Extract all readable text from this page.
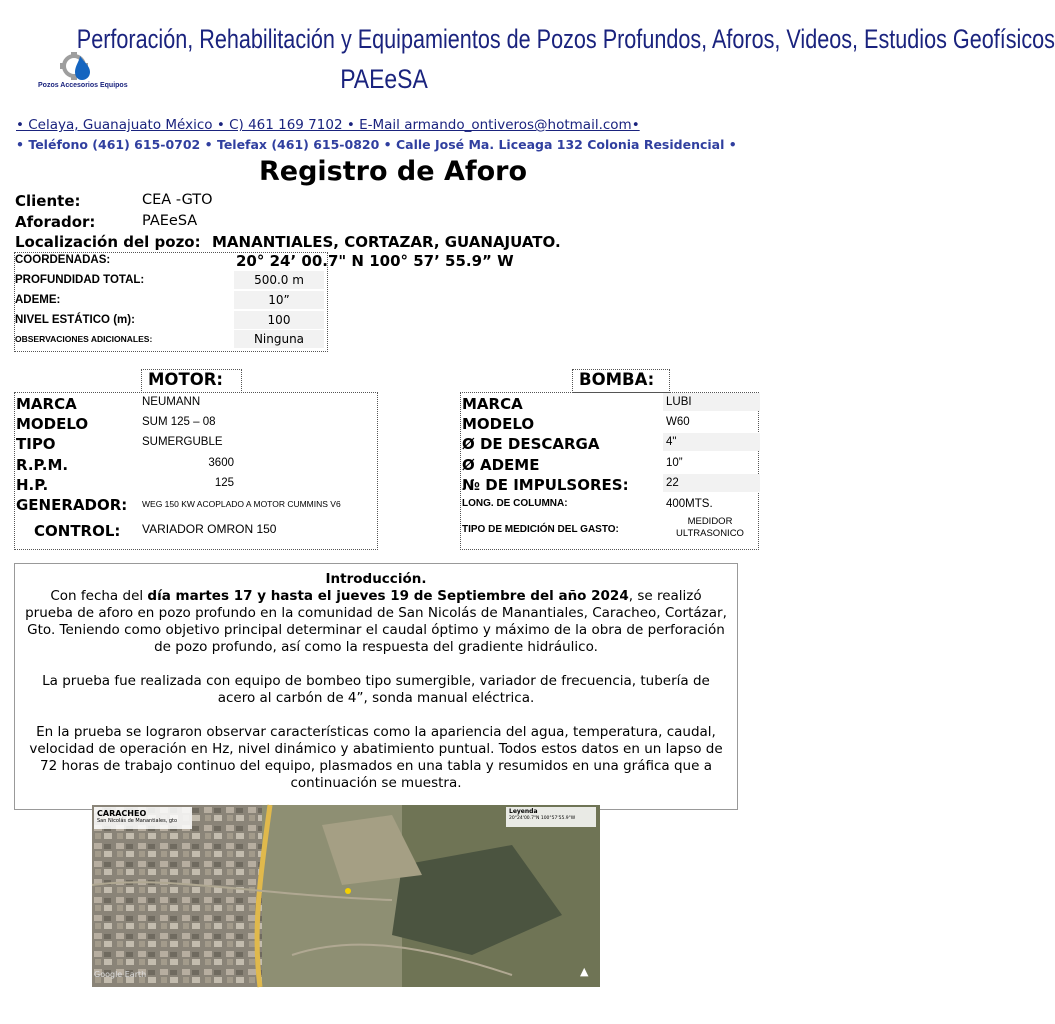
Perforación, Rehabilitación y Equipamientos de Pozos Profundos, Aforos, Videos, Estudios Geofísicos
PAEeSA
Pozos Accesorios Equipos
• Celaya, Guanajuato México • C) 461 169 7102 • E-Mail armando_ontiveros@hotmail.com•
• Teléfono (461) 615-0702 • Telefax (461) 615-0820 • Calle José Ma. Liceaga 132 Colonia Residencial •
Registro de Aforo
Cliente:	CEA -GTO
Aforador:	PAEeSA
Localización del pozo: MANANTIALES, CORTAZAR, GUANAJUATO.
COORDENADAS:	20° 24’ 00.7" N 100° 57’ 55.9” W
PROFUNDIDAD TOTAL:	500.0 m
ADEME:	10”
NIVEL ESTÁTICO (m):	100
OBSERVACIONES ADICIONALES:	Ninguna
MOTOR:
MARCA	NEUMANN
MODELO	SUM 125 – 08
TIPO	SUMERGUBLE
R.P.M.	3600
H.P.	125
GENERADOR: WEG 150 KW ACOPLADO A MOTOR CUMMINS V6
CONTROL: VARIADOR OMRON 150
BOMBA:
MARCA	LUBI
MODELO	W60
Ø DE DESCARGA	4"
Ø ADEME	10”
№ DE IMPULSORES:	22
LONG. DE COLUMNA:	400MTS.
TIPO DE MEDICIÓN DEL GASTO:
MEDIDOR ULTRASONICO

Introducción.

Con fecha del día martes 17 y hasta el jueves 19 de Septiembre del año 2024, se realizó prueba de aforo en pozo profundo en la comunidad de San Nicolás de Manantiales, Caracheo, Cortázar, Gto. Teniendo como objetivo principal determinar el caudal óptimo y máximo de la obra de perforación de pozo profundo, así como la respuesta del gradiente hidráulico.

La prueba fue realizada con equipo de bombeo tipo sumergible, variador de frecuencia, tubería de acero al carbón de 4”, sonda manual eléctrica.

En la prueba se lograron observar características como la apariencia del agua, temperatura, caudal, velocidad de operación en Hz, nivel dinámico y abatimiento puntual. Todos estos datos en un lapso de 72 horas de trabajo continuo del equipo, plasmados en una tabla y resumidos en una gráfica que a continuación se muestra.

CARACHEO
San Nicolás de Manantiales, gto
Leyenda
20°24'00.7"N 100°57'55.9"W
Google Earth	▲
